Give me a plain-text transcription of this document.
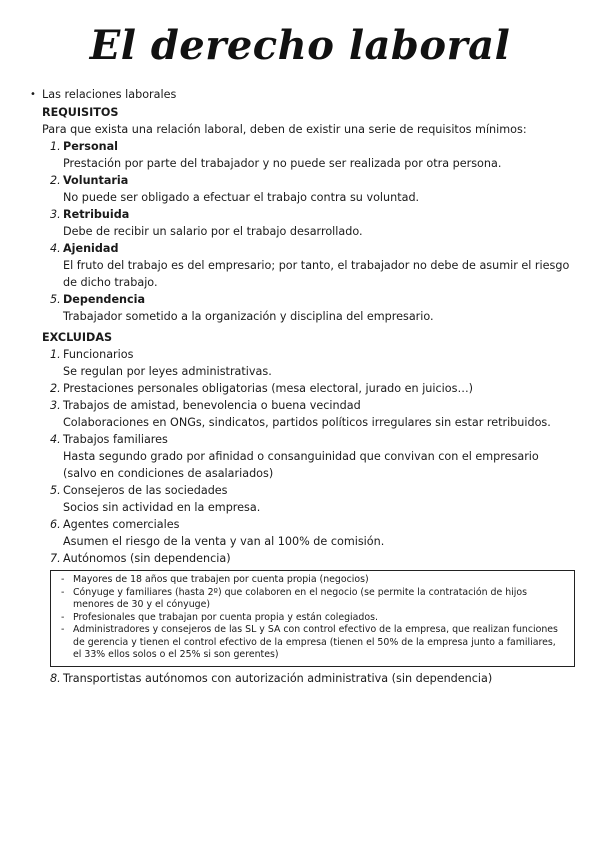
El derecho laboral
• Las relaciones laborales
REQUISITOS
Para que exista una relación laboral, deben de existir una serie de requisitos mínimos:
1. Personal
Prestación por parte del trabajador y no puede ser realizada por otra persona.
2. Voluntaria
No puede ser obligado a efectuar el trabajo contra su voluntad.
3. Retribuida
Debe de recibir un salario por el trabajo desarrollado.
4. Ajenidad
El fruto del trabajo es del empresario; por tanto, el trabajador no debe de asumir el riesgo de dicho trabajo.
5. Dependencia
Trabajador sometido a la organización y disciplina del empresario.
EXCLUIDAS
1. Funcionarios
Se regulan por leyes administrativas.
2. Prestaciones personales obligatorias (mesa electoral, jurado en juicios…)
3. Trabajos de amistad, benevolencia o buena vecindad
Colaboraciones en ONGs, sindicatos, partidos políticos irregulares sin estar retribuidos.
4. Trabajos familiares
Hasta segundo grado por afinidad o consanguinidad que convivan con el empresario (salvo en condiciones de asalariados)
5. Consejeros de las sociedades
Socios sin actividad en la empresa.
6. Agentes comerciales
Asumen el riesgo de la venta y van al 100% de comisión.
7. Autónomos (sin dependencia)
- Mayores de 18 años que trabajen por cuenta propia (negocios)
- Cónyuge y familiares (hasta 2º) que colaboren en el negocio (se permite la contratación de hijos menores de 30 y el cónyuge)
- Profesionales que trabajan por cuenta propia y están colegiados.
- Administradores y consejeros de las SL y SA con control efectivo de la empresa, que realizan funciones de gerencia y tienen el control efectivo de la empresa (tienen el 50% de la empresa junto a familiares, el 33% ellos solos o el 25% si son gerentes)
8. Transportistas autónomos con autorización administrativa (sin dependencia)
